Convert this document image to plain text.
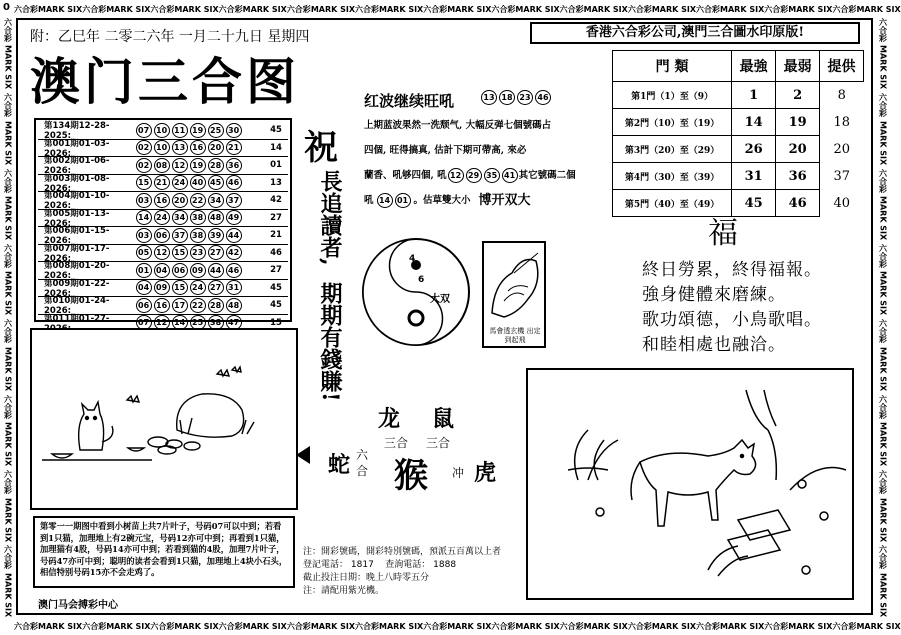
六合彩 MARK SIX 六合彩 MARK SIX 六合彩 MARK SIX 六合彩 MARK SIX 六合彩 MARK SIX 六合彩 MARK SIX 六合彩 MARK SIX 六合彩 MARK SIX 六合彩 MARK SIX 六合彩 MARK SIX 六合彩 MARK SIX 六合彩 MARK SIX 六合彩 MARK SIX
六合彩 MARK SIX 六合彩 MARK SIX 六合彩 MARK SIX 六合彩 MARK SIX 六合彩 MARK SIX 六合彩 MARK SIX 六合彩 MARK SIX 六合彩 MARK SIX 六合彩 MARK SIX 六合彩 MARK SIX 六合彩 MARK SIX 六合彩 MARK SIX 六合彩 MARK SIX
六合彩
MARK SIX
六合彩
MARK SIX
六合彩
MARK SIX
六合彩
MARK SIX
六合彩
MARK SIX
六合彩
MARK SIX
六合彩
MARK SIX
六合彩
MARK SIX
六合彩
MARK SIX
六合彩
MARK SIX
六合彩
MARK SIX
六合彩
MARK SIX
六合彩
MARK SIX
六合彩
MARK SIX
六合彩
MARK SIX
六合彩
MARK SIX
0
附：乙巳年 二零二六年 一月二十九日 星期四	香港六合彩公司,澳門三合圖水印原版!
澳门三合图
第134期12-28-2025:
07 10 11 19 25 30	45
第001期01-03-2026:
02 10 13 16 20 21	14
第002期01-06-2026:
02 08 12 19 28 36	01
第003期01-08-2026:
15 21 24 40 45 46	13
第004期01-10-2026:
03 16 20 22 34 37	42
第005期01-13-2026:
14 24 34 38 48 49	27
第006期01-15-2026:
03 06 37 38 39 44	21
第007期01-17-2026:
05 12 15 23 27 42	46
第008期01-20-2026:
01 04 06 09 44 46	27
第009期01-22-2026:
04 09 15 24 27 31	45
第010期01-24-2026:
06 16 17 22 28 48	45
第011期01-27-	07 12 14 25 38 47	15
祝
長追讀者,
期期有錢賺!
红波继续旺吼	13 18 23 46
上期蓝波果然一洗颓气, 大幅反弹七個號碼占
四個, 旺得搞真, 估計下期可帶高, 來必
蘭香、吼够四個, 吼 12 29 35 41 其它號碼二個
吼 14 01 。估草雙大小 博开双大
4
6
大双
馬會透玄機 出定到起飛
門 類	最強	最弱	提供
第1門（1）至（9）	1	2	8
第2門（10）至（19）	14	19	18
第3門（20）至（29）	26	20	20
第4門（30）至（39）	31	36	37
第5門（40）至（49）	45	46	40
福
終日勞累，終得福報。
強身健體來磨練。
歌功頌德，小鳥歌唱。
和睦相處也融洽。
龙 鼠
三合 三合
蛇 六
合 猴 冲 虎
第零一一期图中看到小树苗上共7片叶子，号码07可以中到；若看到1只猫，加理地上有2碗元宝，号码12亦可中到；再看到1只猫，加理猫有4股，号码14亦可中到；若看到猫的4股，加理7片叶子，号码47亦可中到；聪明的读者会看到1只猫，加理地上4块小石头，相信特别号码15亦不会走鸡了。
注：開彩號碼，開彩特別號碼，預派五百萬以上者
登記電話： 1817 查詢電話： 1888
截止投注日期：晚上八時零五分
注：請配用紫光機。
澳门马会搏彩中心
